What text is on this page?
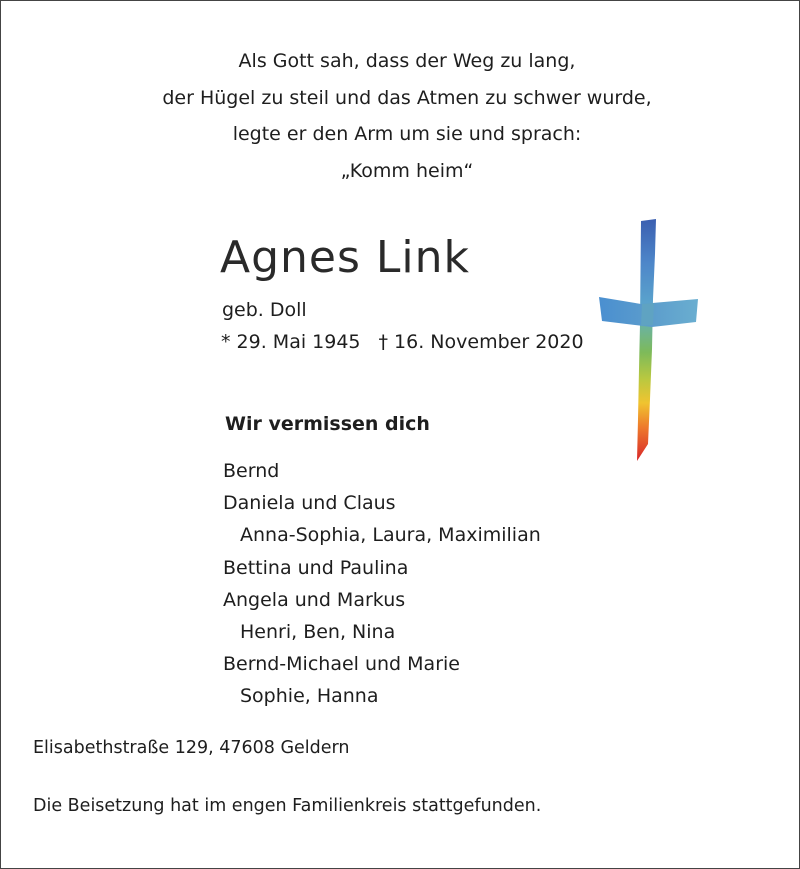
Als Gott sah, dass der Weg zu lang,
der Hügel zu steil und das Atmen zu schwer wurde,
legte er den Arm um sie und sprach:
„Komm heim“
Agnes Link
geb. Doll
* 29. Mai 1945 † 16. November 2020
Wir vermissen dich
Bernd
Daniela und Claus
Anna-Sophia, Laura, Maximilian
Bettina und Paulina
Angela und Markus
Henri, Ben, Nina
Bernd-Michael und Marie
Sophie, Hanna
Elisabethstraße 129, 47608 Geldern
Die Beisetzung hat im engen Familienkreis stattgefunden.
